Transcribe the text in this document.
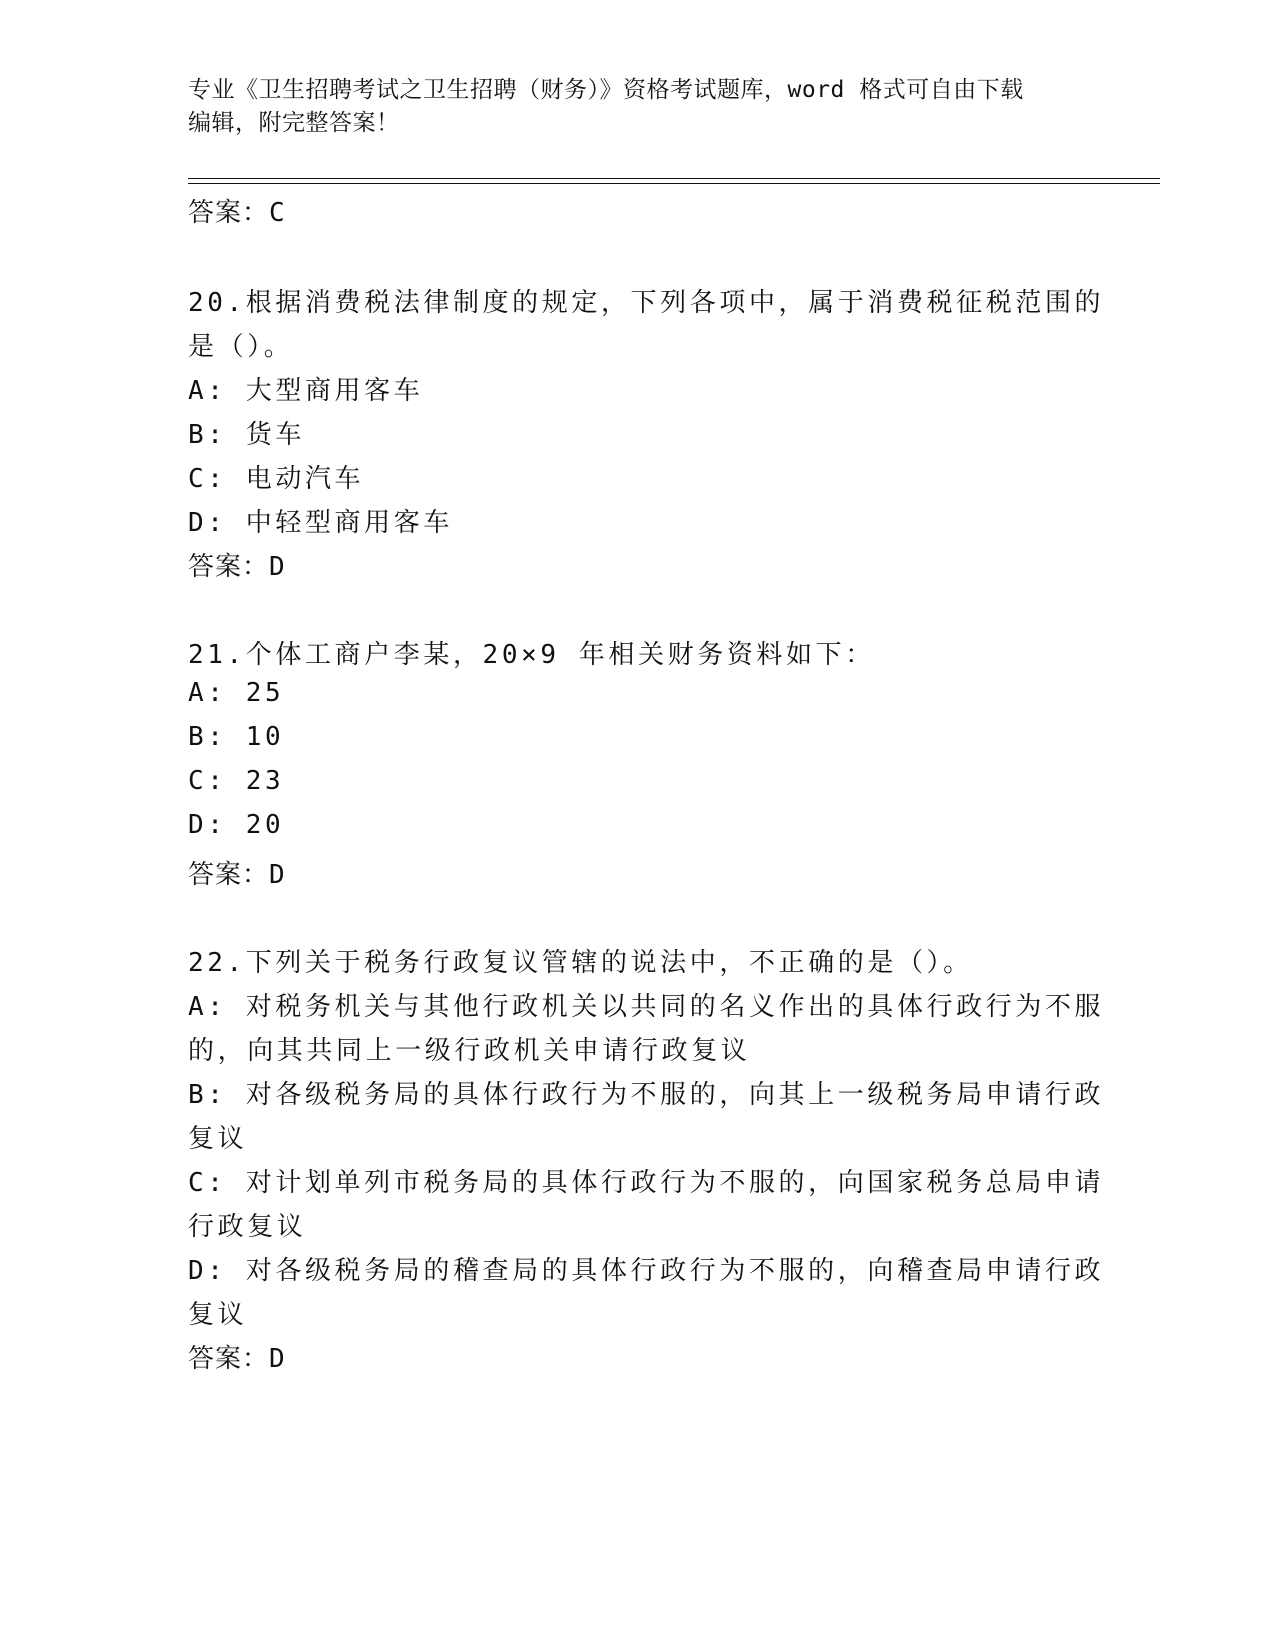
专业《卫生招聘考试之卫生招聘（财务）》资格考试题库，word 格式可自由下载
编辑，附完整答案！
答案：C
20.根据消费税法律制度的规定，下列各项中，属于消费税征税范围的
是（）。
A: 大型商用客车
B: 货车
C: 电动汽车
D: 中轻型商用客车
答案：D
21.个体工商户李某，20×9 年相关财务资料如下：
A: 25
B: 10
C: 23
D: 20
答案：D
22.下列关于税务行政复议管辖的说法中，不正确的是（）。
A: 对税务机关与其他行政机关以共同的名义作出的具体行政行为不服
的，向其共同上一级行政机关申请行政复议
B: 对各级税务局的具体行政行为不服的，向其上一级税务局申请行政
复议
C: 对计划单列市税务局的具体行政行为不服的，向国家税务总局申请
行政复议
D: 对各级税务局的稽查局的具体行政行为不服的，向稽查局申请行政
复议
答案：D
